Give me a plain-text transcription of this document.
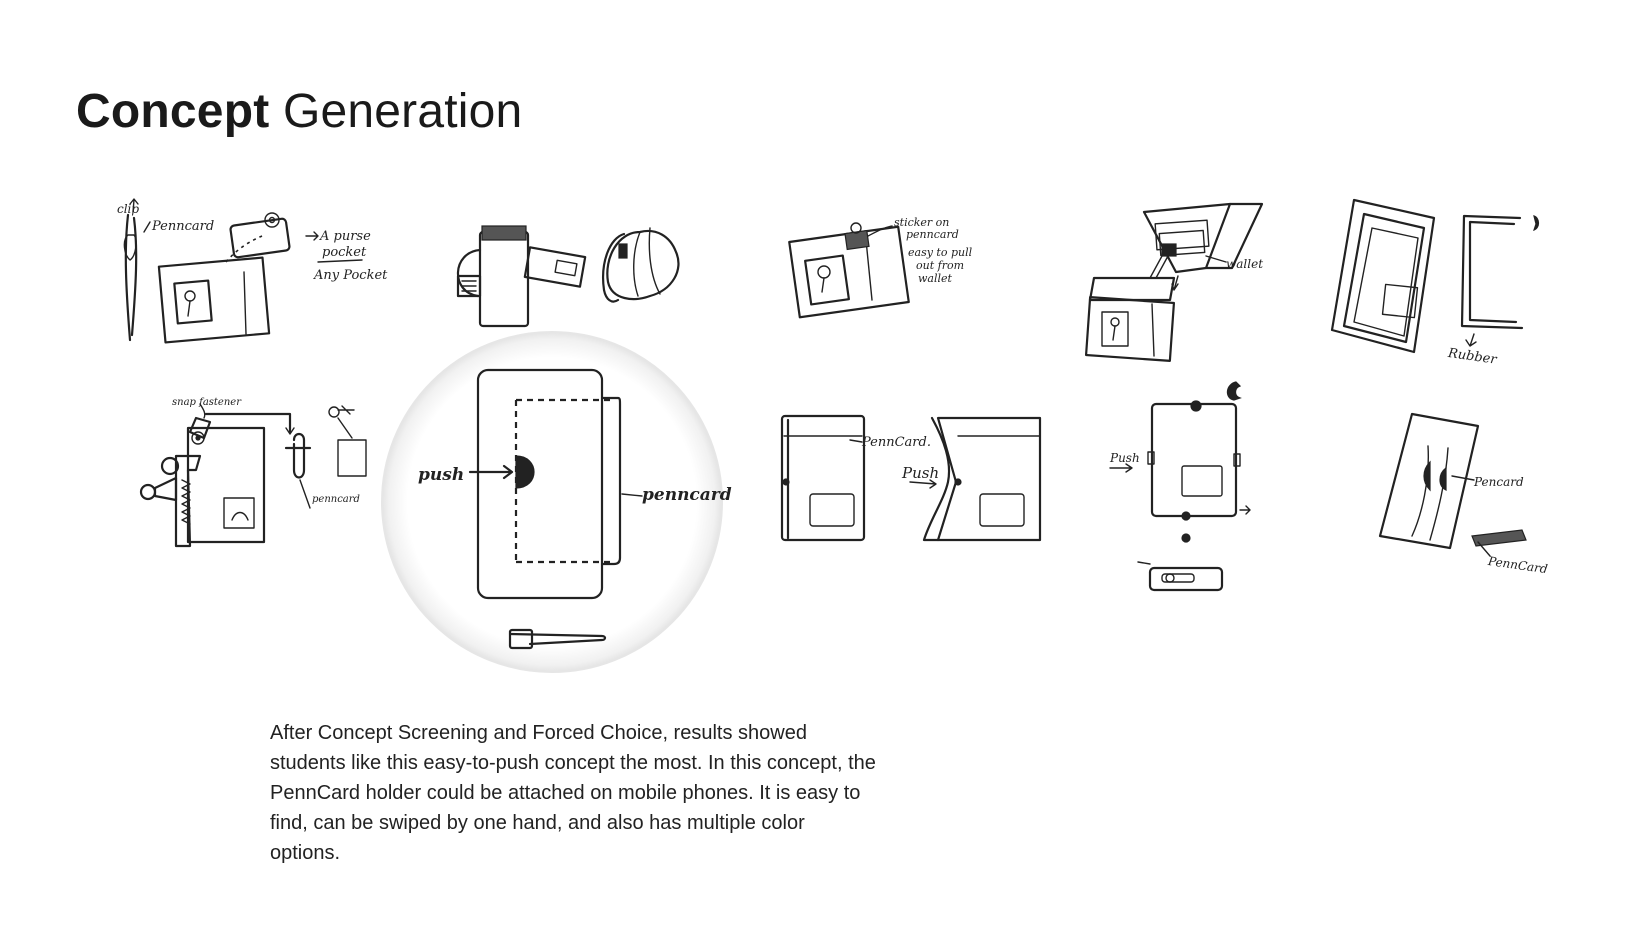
Concept Generation
clip
Penncard
A purse
pocket
Any Pocket
sticker on
penncard
easy to pull
out from
wallet
wallet
Rubber
snap fastener
penncard
push
penncard
PennCard.
Push
Push
Pencard
PennCard

After Concept Screening and Forced Choice, results showed students like this easy-to-push concept the most. In this concept, the PennCard holder could be attached on mobile phones. It is easy to find, can be swiped by one hand, and also has multiple color options.
